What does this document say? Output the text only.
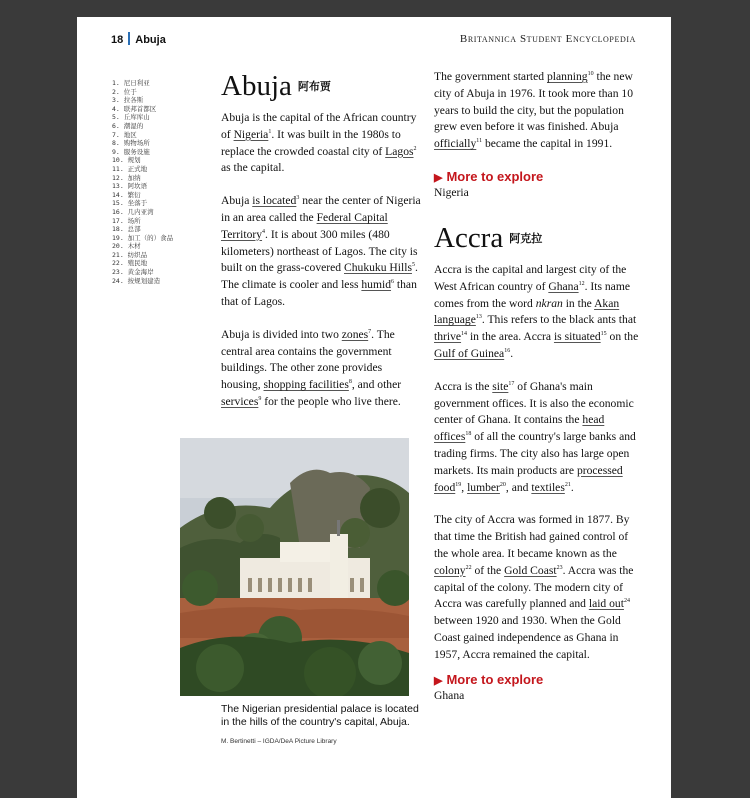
18 Abuja	Britannica Student Encyclopedia
1. 尼日利亚
2. 位于
3. 拉各斯
4. 联邦首都区
5. 丘库库山
6. 潮湿的
7. 地区
8. 购物场所
9. 服务设施
10. 规划
11. 正式地
12. 加纳
13. 阿坎语
14. 繁衍
15. 坐落于
16. 几内亚湾
17. 场所
18. 总部
19. 加工（的）食品
20. 木材
21. 纺织品
22. 殖民地
23. 黄金海岸
24. 按规划建造
Abuja 阿布贾

Abuja is the capital of the African country of Nigeria$^1$. It was built in the 1980s to replace the crowded coastal city of Lagos$^2$ as the capital.

Abuja is located$^3$ near the center of Nigeria in an area called the Federal Capital Territory$^4$. It is about 300 miles (480 kilometers) northeast of Lagos. The city is built on the grass-covered Chukuku Hills$^5$. The climate is cooler and less humid$^6$ than that of Lagos.

Abuja is divided into two zones$^7$. The central area contains the government buildings. The other zone provides housing, shopping facilities$^8$, and other services$^9$ for the people who live there.

The Nigerian presidential palace is located in the hills of the country's capital, Abuja.
M. Bertinetti – IGDA/DeA Picture Library

The government started planning$^{10}$ the new city of Abuja in 1976. It took more than 10 years to build the city, but the population grew even before it was finished. Abuja officially$^{11}$ became the capital in 1991.

▶ More to explore
Nigeria
Accra 阿克拉

Accra is the capital and largest city of the West African country of Ghana$^{12}$. Its name comes from the word nkran in the Akan language$^{13}$. This refers to the black ants that thrive$^{14}$ in the area. Accra is situated$^{15}$ on the Gulf of Guinea$^{16}$.

Accra is the site$^{17}$ of Ghana's main government offices. It is also the economic center of Ghana. It contains the head offices$^{18}$ of all the country's large banks and trading firms. The city also has large open markets. Its main products are processed food$^{19}$, lumber$^{20}$, and textiles$^{21}$.

The city of Accra was formed in 1877. By that time the British had gained control of the whole area. It became known as the colony$^{22}$ of the Gold Coast$^{23}$. Accra was the capital of the colony. The modern city of Accra was carefully planned and laid out$^{24}$ between 1920 and 1930. When the Gold Coast gained independence as Ghana in 1957, Accra remained the capital.

▶ More to explore
Ghana
